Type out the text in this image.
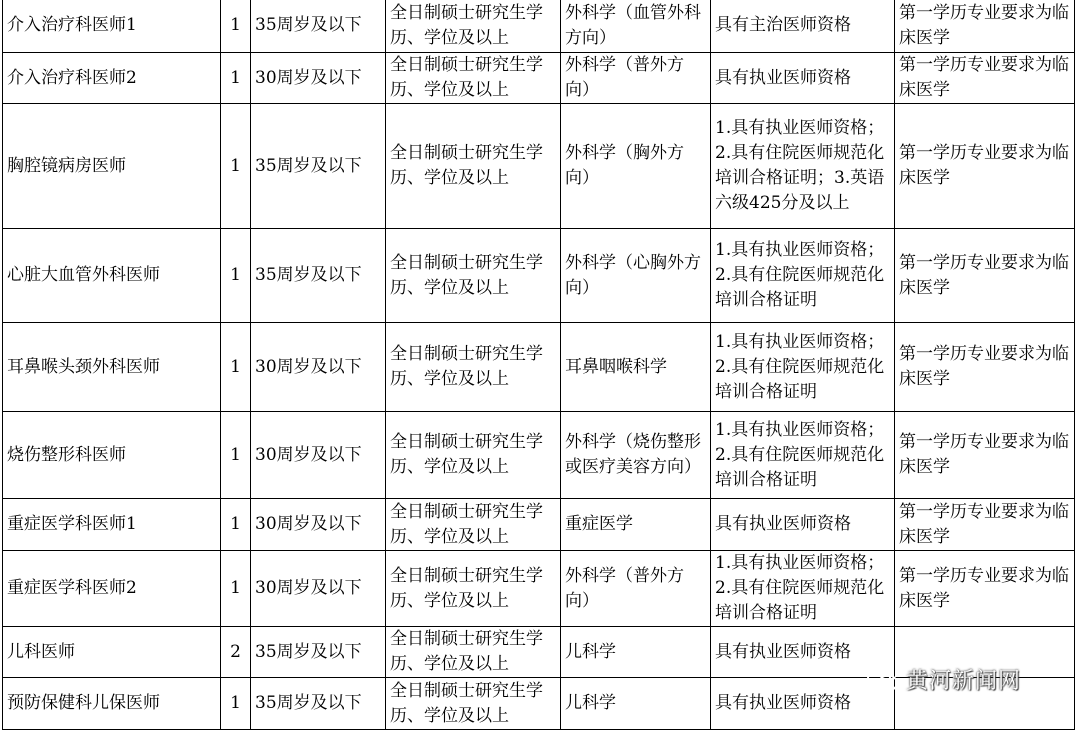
介入治疗科医师1	1	35周岁及以下	全日制硕士研究生学历、学位及以上	外科学（血管外科方向）	具有主治医师资格	第一学历专业要求为临床医学
介入治疗科医师2	1	30周岁及以下	全日制硕士研究生学历、学位及以上	外科学（普外方向）	具有执业医师资格	第一学历专业要求为临床医学
胸腔镜病房医师	1	35周岁及以下	全日制硕士研究生学历、学位及以上	外科学（胸外方向）	1.具有执业医师资格；2.具有住院医师规范化培训合格证明；3.英语六级425分及以上	第一学历专业要求为临床医学
心脏大血管外科医师	1	35周岁及以下	全日制硕士研究生学历、学位及以上	外科学（心胸外方向）	1.具有执业医师资格；2.具有住院医师规范化培训合格证明	第一学历专业要求为临床医学
耳鼻喉头颈外科医师	1	30周岁及以下	全日制硕士研究生学历、学位及以上	耳鼻咽喉科学	1.具有执业医师资格；2.具有住院医师规范化培训合格证明	第一学历专业要求为临床医学
烧伤整形科医师	1	30周岁及以下	全日制硕士研究生学历、学位及以上	外科学（烧伤整形或医疗美容方向）	1.具有执业医师资格；2.具有住院医师规范化培训合格证明	第一学历专业要求为临床医学
重症医学科医师1	1	30周岁及以下	全日制硕士研究生学历、学位及以上	重症医学	具有执业医师资格	第一学历专业要求为临床医学
重症医学科医师2	1	30周岁及以下	全日制硕士研究生学历、学位及以上	外科学（普外方向）	1.具有执业医师资格；2.具有住院医师规范化培训合格证明	第一学历专业要求为临床医学
儿科医师	2	35周岁及以下	全日制硕士研究生学历、学位及以上	儿科学	具有执业医师资格	
预防保健科儿保医师	1	35周岁及以下	全日制硕士研究生学历、学位及以上	儿科学	具有执业医师资格	
黄河新闻网
